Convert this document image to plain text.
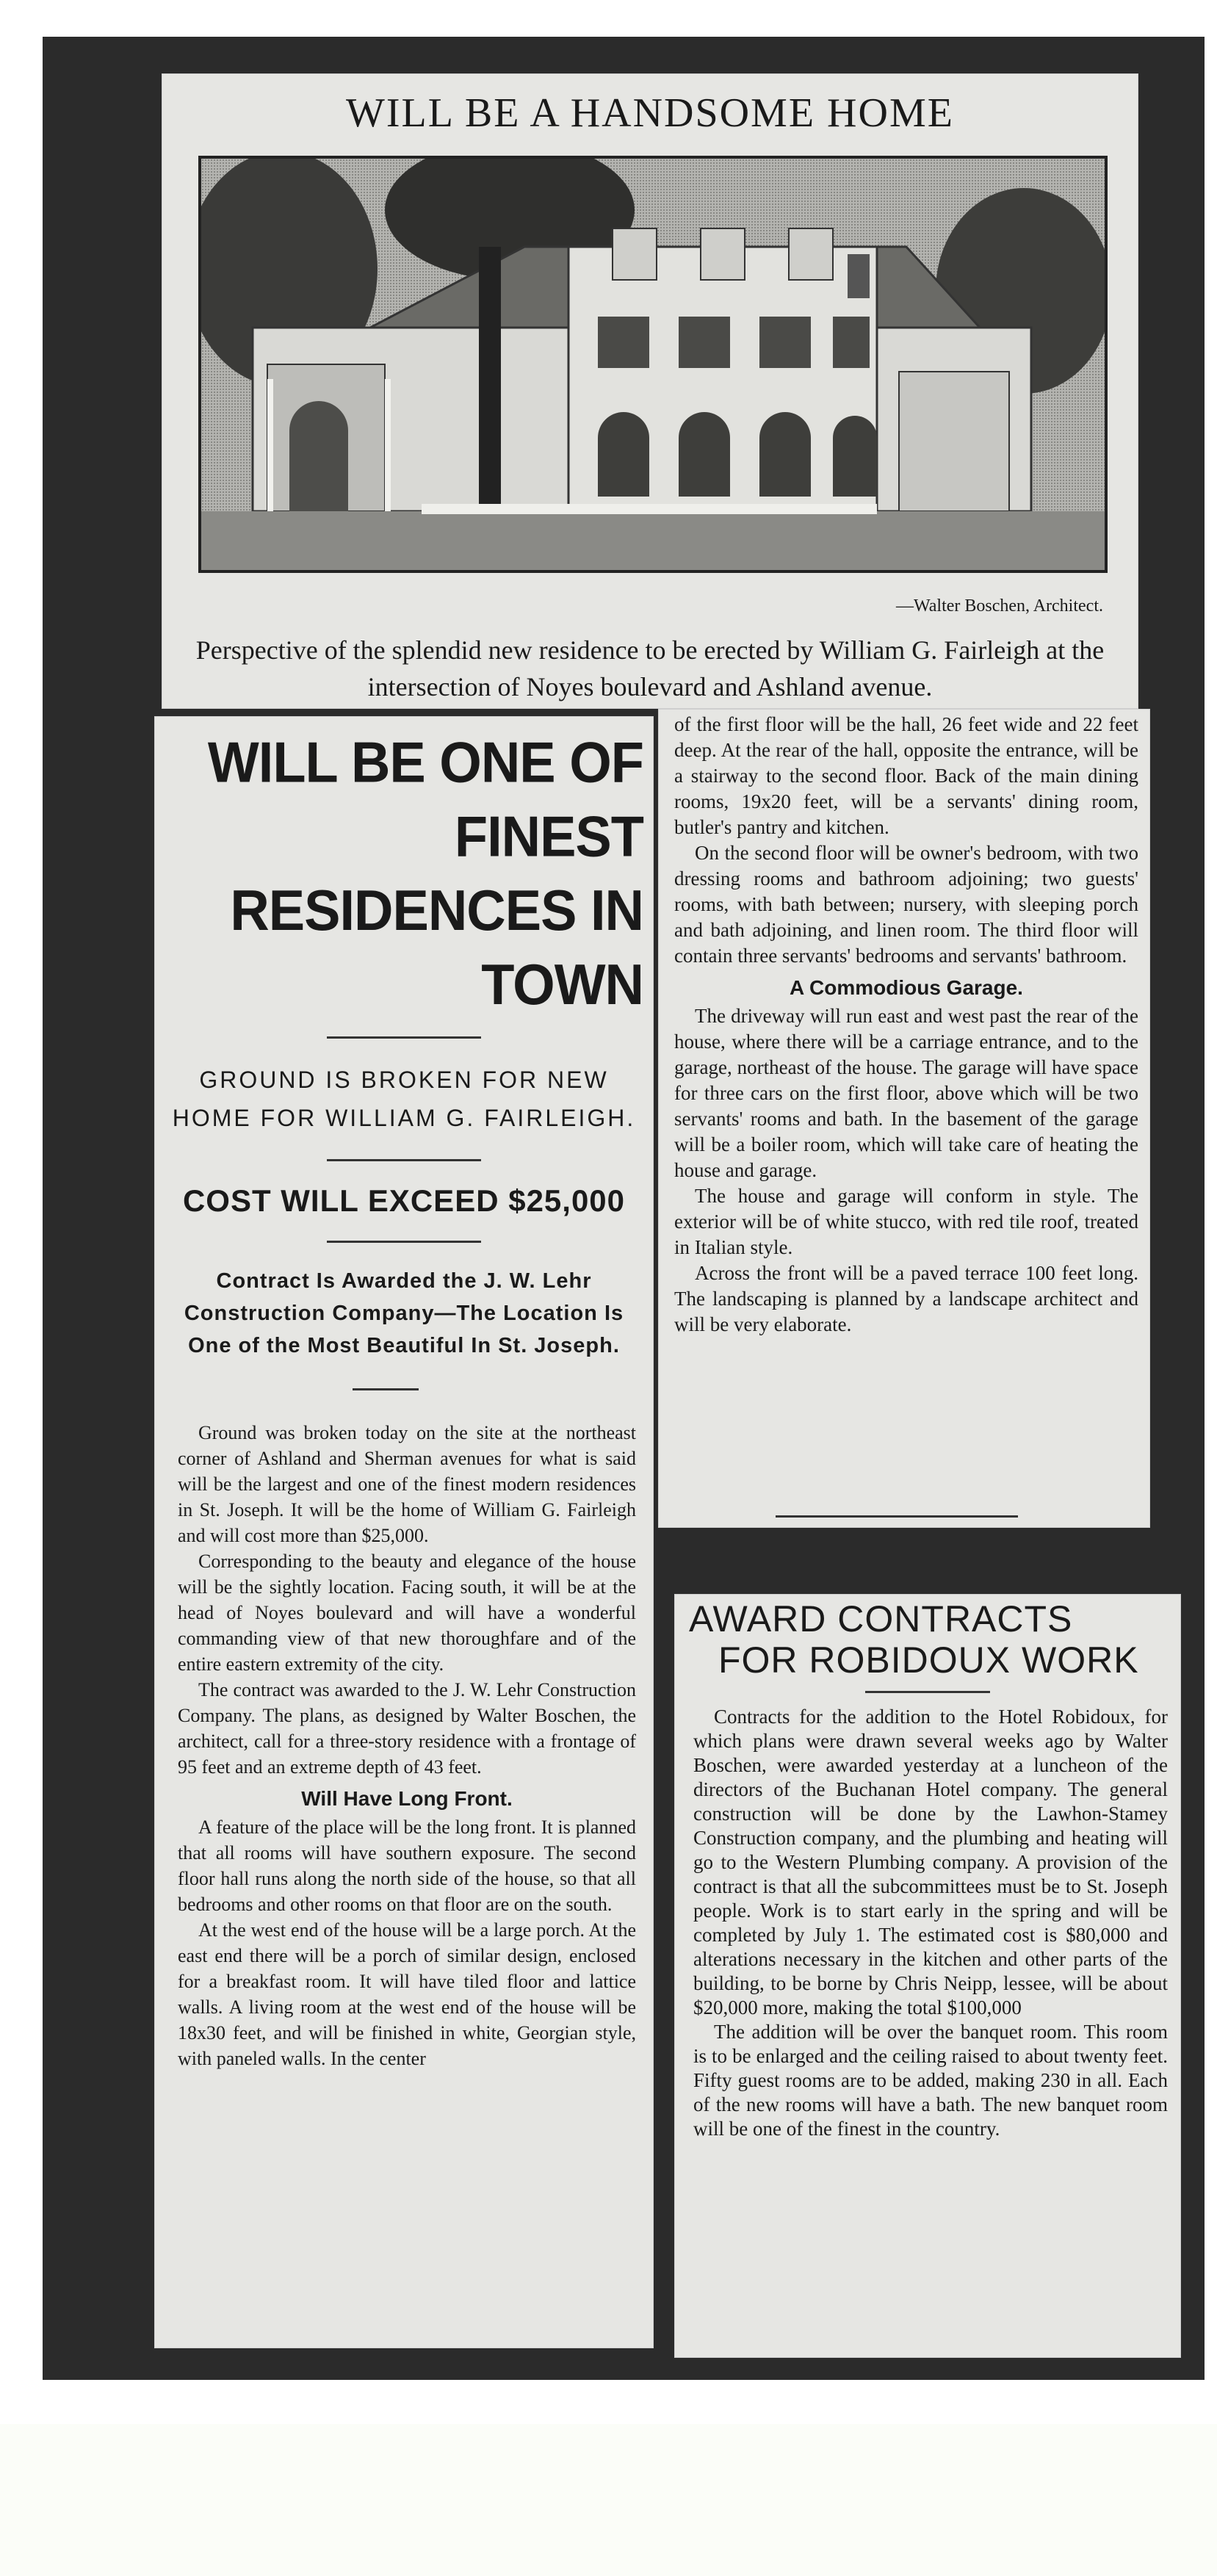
WILL BE A HANDSOME HOME
—Walter Boschen, Architect.
Perspective of the splendid new residence to be erected by William G. Fairleigh at the intersection of Noyes boulevard and Ashland avenue.
WILL BE ONE OF FINEST
RESIDENCES IN TOWN
GROUND IS BROKEN FOR NEW HOME FOR WILLIAM G. FAIRLEIGH.
COST WILL EXCEED $25,000
Contract Is Awarded the J. W. Lehr Construction Company—The Location Is One of the Most Beautiful In St. Joseph.

Ground was broken today on the site at the northeast corner of Ashland and Sherman avenues for what is said will be the largest and one of the finest modern residences in St. Joseph. It will be the home of William G. Fairleigh and will cost more than $25,000.

Corresponding to the beauty and elegance of the house will be the sightly location. Facing south, it will be at the head of Noyes boulevard and will have a wonderful commanding view of that new thoroughfare and of the entire eastern extremity of the city.

The contract was awarded to the J. W. Lehr Construction Company. The plans, as designed by Walter Boschen, the architect, call for a three-story residence with a frontage of 95 feet and an extreme depth of 43 feet.

Will Have Long Front.

A feature of the place will be the long front. It is planned that all rooms will have southern exposure. The second floor hall runs along the north side of the house, so that all bedrooms and other rooms on that floor are on the south.

At the west end of the house will be a large porch. At the east end there will be a porch of similar design, enclosed for a breakfast room. It will have tiled floor and lattice walls. A living room at the west end of the house will be 18x30 feet, and will be finished in white, Georgian style, with paneled walls. In the center

of the first floor will be the hall, 26 feet wide and 22 feet deep. At the rear of the hall, opposite the entrance, will be a stairway to the second floor. Back of the main dining rooms, 19x20 feet, will be a servants' dining room, butler's pantry and kitchen.

On the second floor will be owner's bedroom, with two dressing rooms and bathroom adjoining; two guests' rooms, with bath between; nursery, with sleeping porch and bath adjoining, and linen room. The third floor will contain three servants' bedrooms and servants' bathroom.

A Commodious Garage.

The driveway will run east and west past the rear of the house, where there will be a carriage entrance, and to the garage, northeast of the house. The garage will have space for three cars on the first floor, above which will be two servants' rooms and bath. In the basement of the garage will be a boiler room, which will take care of heating the house and garage.

The house and garage will conform in style. The exterior will be of white stucco, with red tile roof, treated in Italian style.

Across the front will be a paved terrace 100 feet long. The landscaping is planned by a landscape architect and will be very elaborate.

AWARD CONTRACTS
FOR ROBIDOUX WORK

Contracts for the addition to the Hotel Robidoux, for which plans were drawn several weeks ago by Walter Boschen, were awarded yesterday at a luncheon of the directors of the Buchanan Hotel company. The general construction will be done by the Lawhon-Stamey Construction company, and the plumbing and heating will go to the Western Plumbing company. A provision of the contract is that all the subcommittees must be to St. Joseph people. Work is to start early in the spring and will be completed by July 1. The estimated cost is $80,000 and alterations necessary in the kitchen and other parts of the building, to be borne by Chris Neipp, lessee, will be about $20,000 more, making the total $100,000

The addition will be over the banquet room. This room is to be enlarged and the ceiling raised to about twenty feet. Fifty guest rooms are to be added, making 230 in all. Each of the new rooms will have a bath. The new banquet room will be one of the finest in the country.
